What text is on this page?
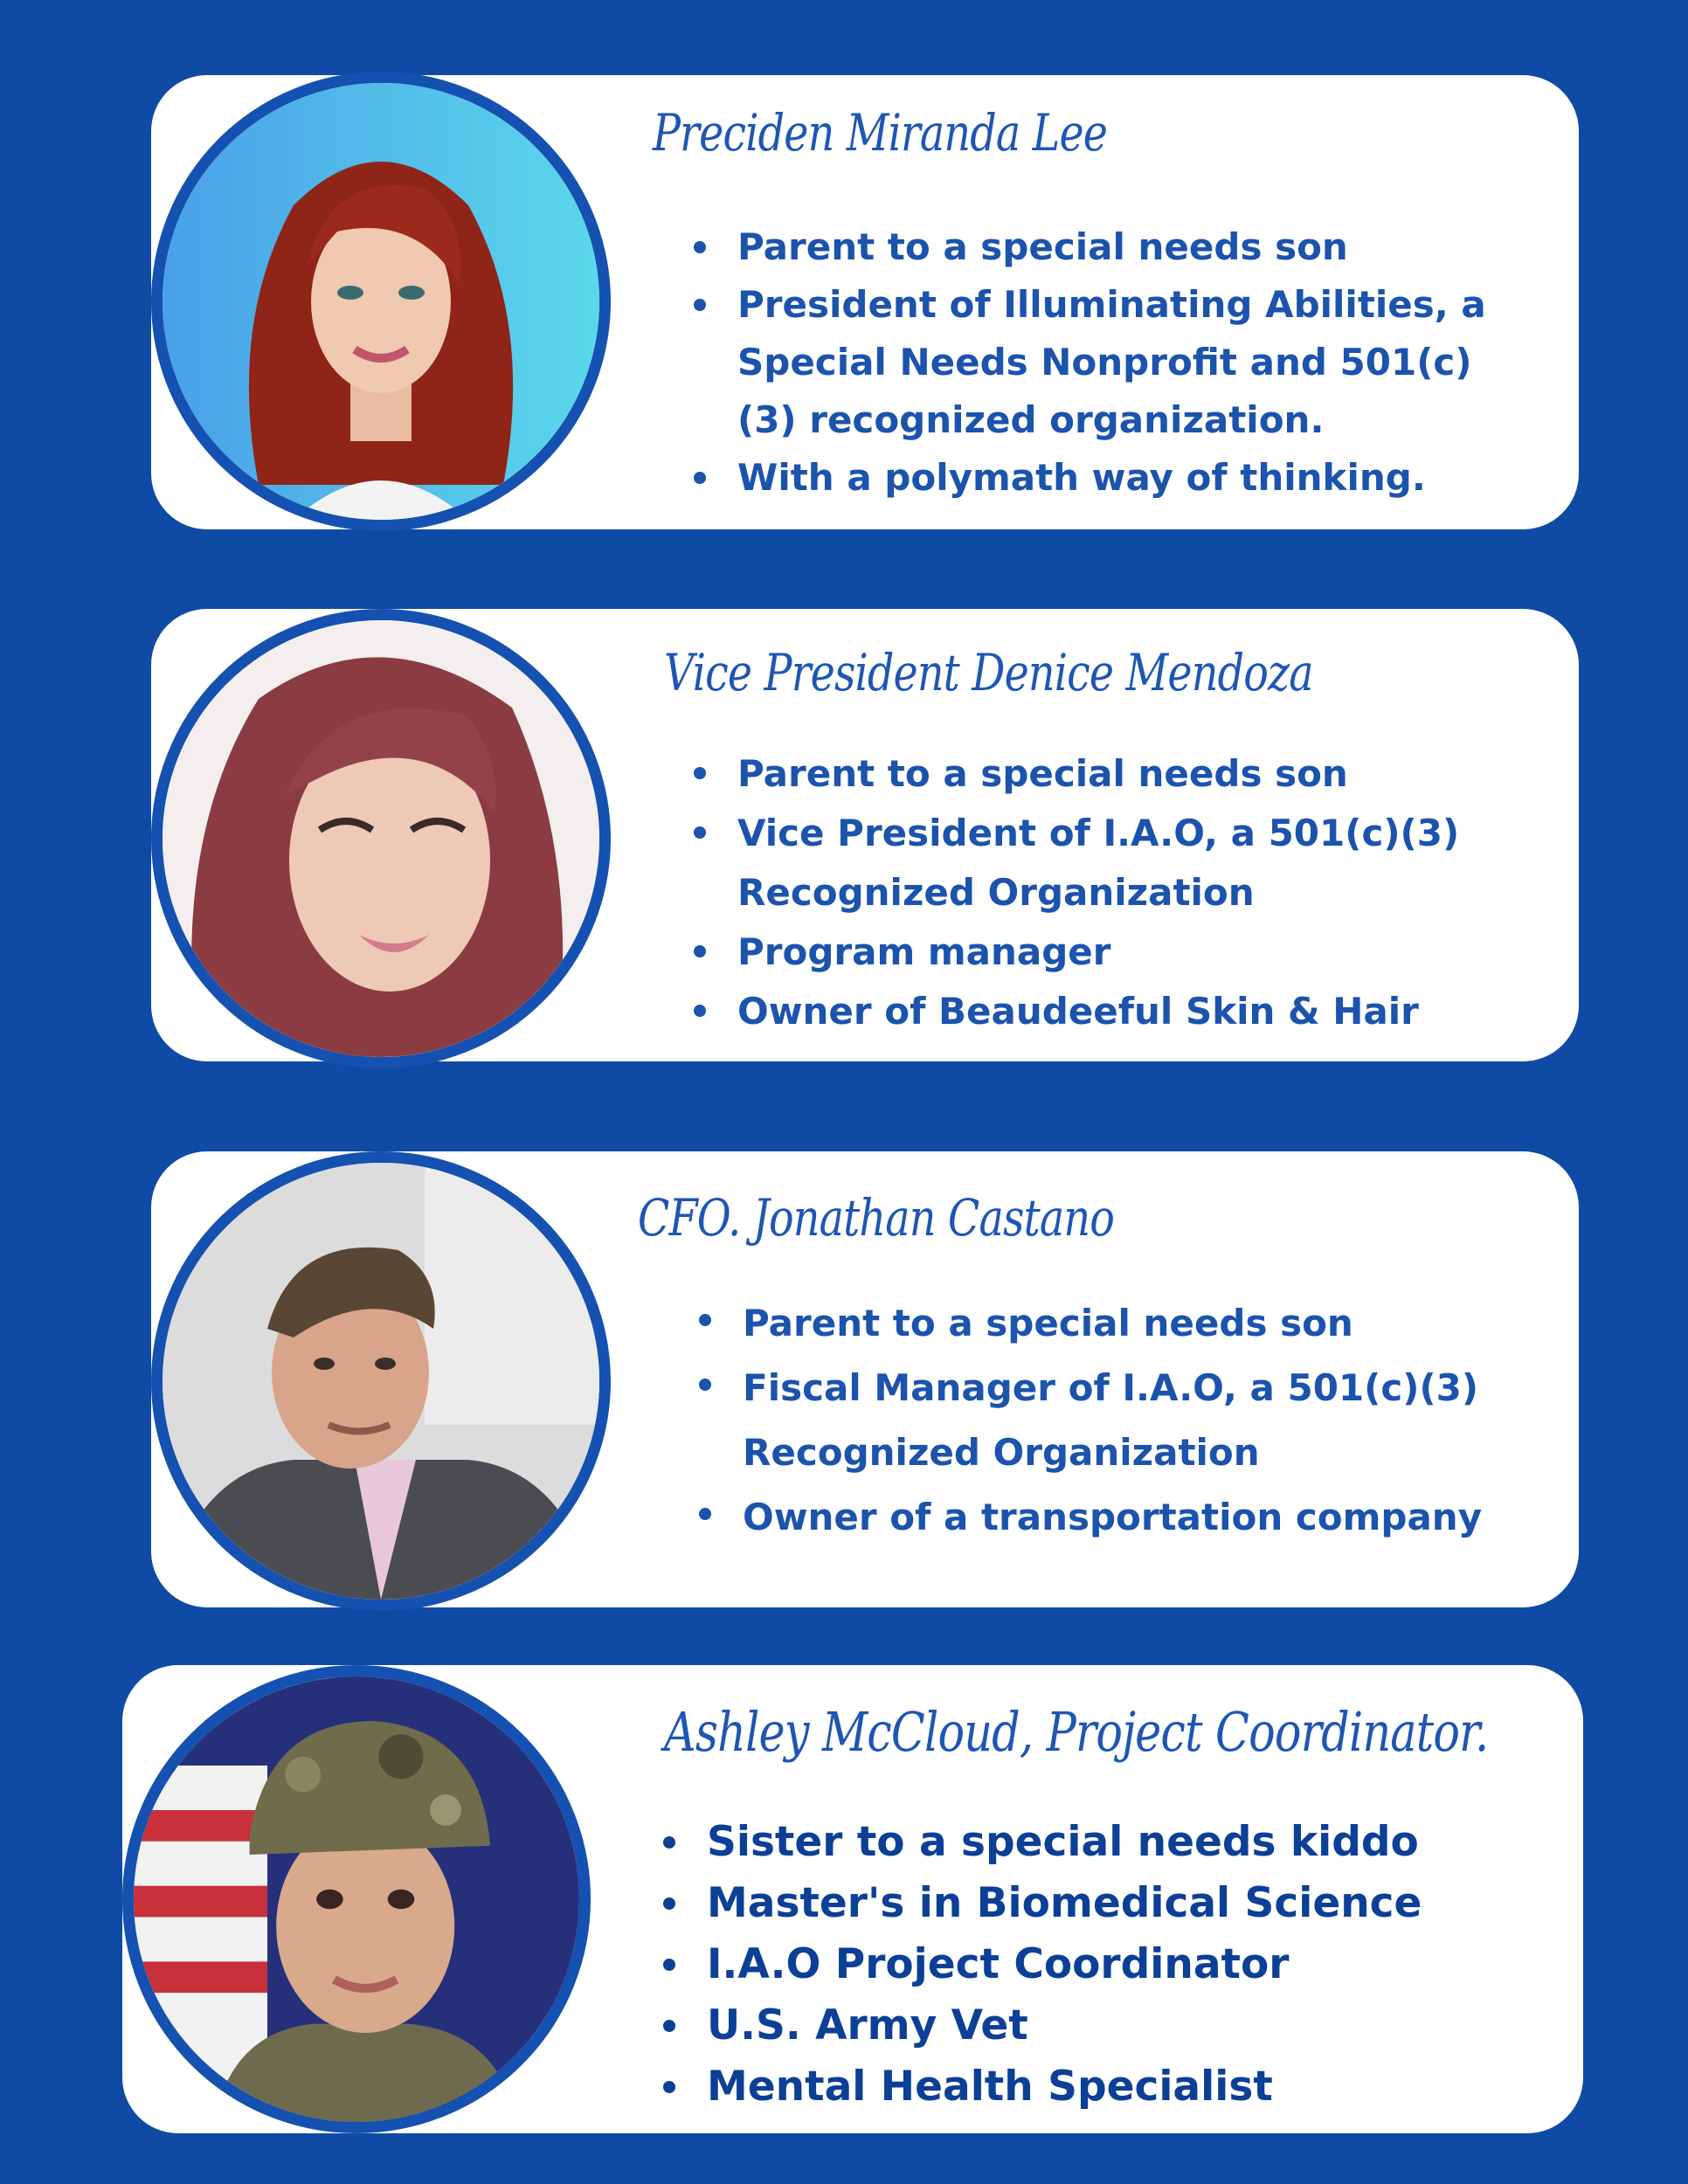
Preciden Miranda Lee
Parent to a special needs son
President of Illuminating Abilities, a Special Needs Nonprofit and 501(c)(3) recognized organization.
With a polymath way of thinking.
Vice President Denice Mendoza
Parent to a special needs son
Vice President of I.A.O, a 501(c)(3) Recognized Organization
Program manager
Owner of Beaudeeful Skin & Hair
CFO. Jonathan Castano
Parent to a special needs son
Fiscal Manager of I.A.O, a 501(c)(3) Recognized Organization
Owner of a transportation company
Ashley McCloud, Project Coordinator.
Sister to a special needs kiddo
Master's in Biomedical Science
I.A.O Project Coordinator
U.S. Army Vet
Mental Health Specialist
